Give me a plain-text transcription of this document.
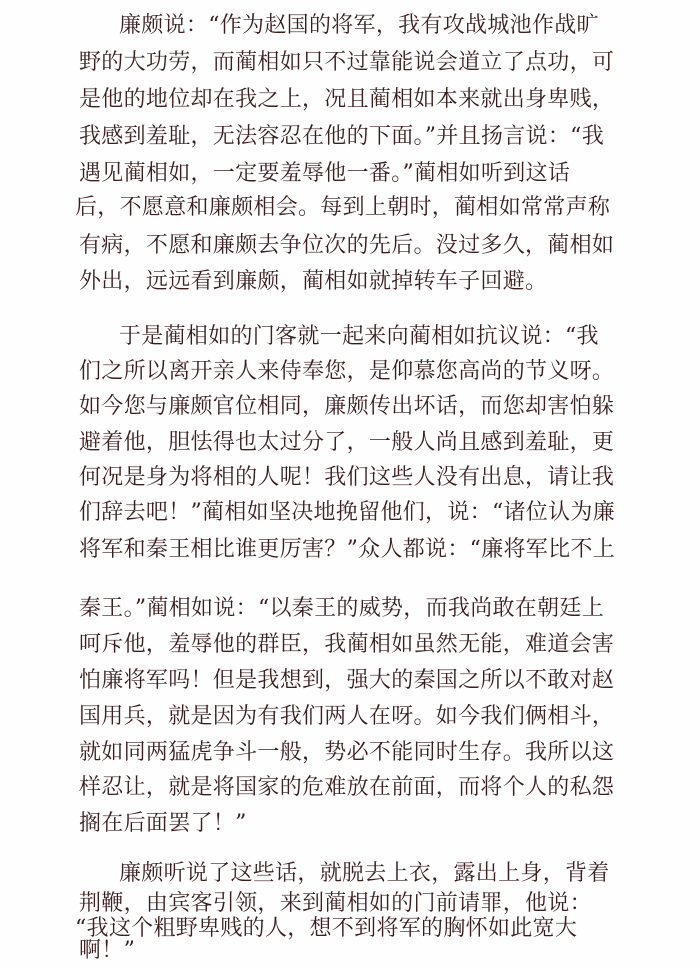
廉颇说：“作为赵国的将军，我有攻战城池作战旷
野的大功劳，而蔺相如只不过靠能说会道立了点功，可
是他的地位却在我之上，况且蔺相如本来就出身卑贱，
我感到羞耻，无法容忍在他的下面。”并且扬言说：“我
遇见蔺相如，一定要羞辱他一番。”蔺相如听到这话
后，不愿意和廉颇相会。每到上朝时，蔺相如常常声称
有病，不愿和廉颇去争位次的先后。没过多久，蔺相如
外出，远远看到廉颇，蔺相如就掉转车子回避。
于是蔺相如的门客就一起来向蔺相如抗议说：“我
们之所以离开亲人来侍奉您，是仰慕您高尚的节义呀。
如今您与廉颇官位相同，廉颇传出坏话，而您却害怕躲
避着他，胆怯得也太过分了，一般人尚且感到羞耻，更
何况是身为将相的人呢！我们这些人没有出息，请让我
们辞去吧！”蔺相如坚决地挽留他们，说：“诸位认为廉
将军和秦王相比谁更厉害？”众人都说：“廉将军比不上
秦王。”蔺相如说：“以秦王的威势，而我尚敢在朝廷上
呵斥他，羞辱他的群臣，我蔺相如虽然无能，难道会害
怕廉将军吗！但是我想到，强大的秦国之所以不敢对赵
国用兵，就是因为有我们两人在呀。如今我们俩相斗，
就如同两猛虎争斗一般，势必不能同时生存。我所以这
样忍让，就是将国家的危难放在前面，而将个人的私怨
搁在后面罢了！”
廉颇听说了这些话，就脱去上衣，露出上身，背着
荆鞭，由宾客引领，来到蔺相如的门前请罪，他说：
“我这个粗野卑贱的人，想不到将军的胸怀如此宽大
啊！”
